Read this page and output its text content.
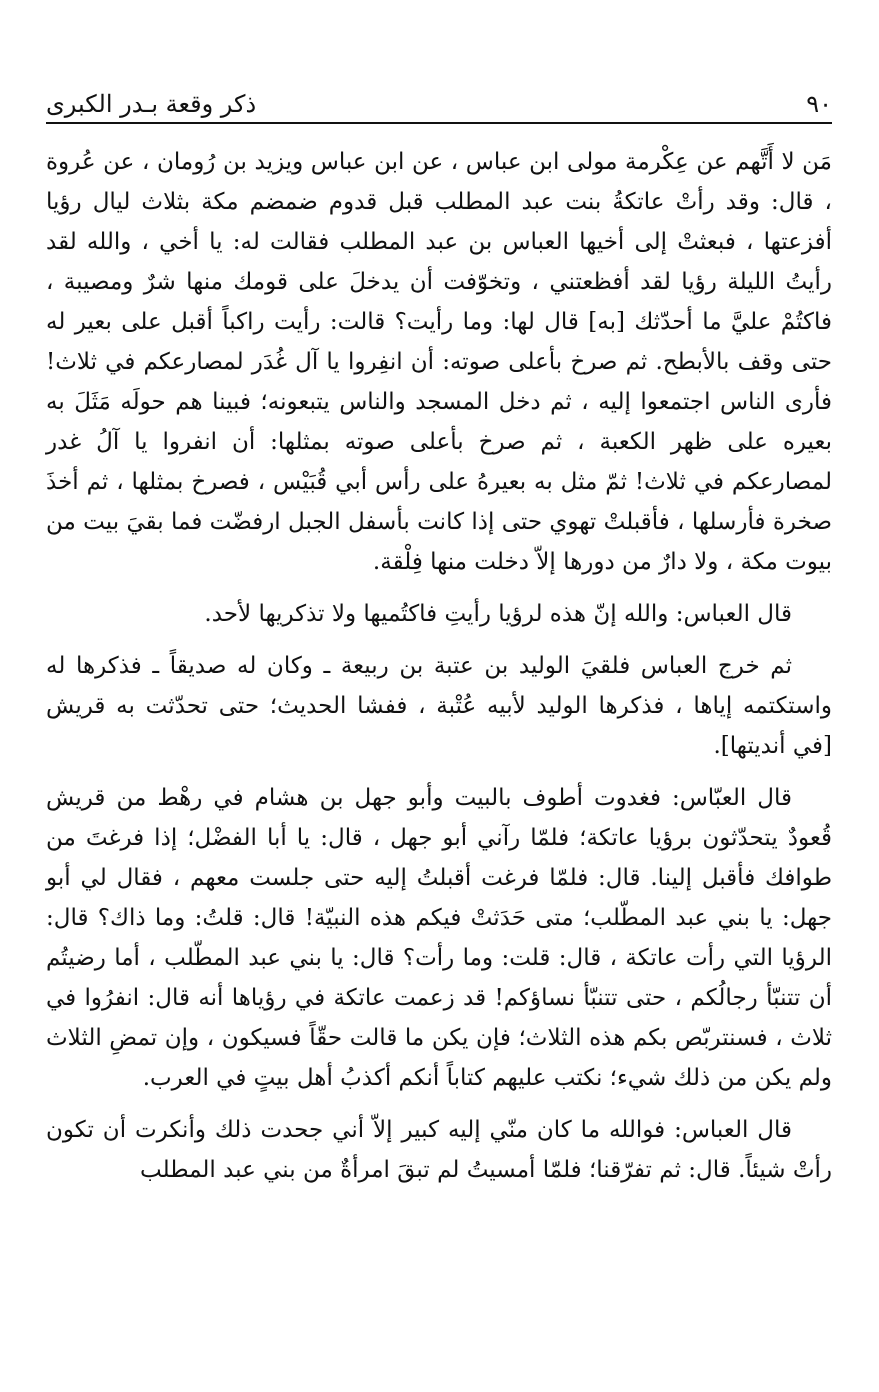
٩٠
ذكر وقعة بـدر الكبرى

مَن لا أَتَّهم عن عِكْرمة مولى ابن عباس ، عن ابن عباس ويزيد بن رُومان ، عن عُروة ، قال: وقد رأتْ عاتكةُ بنت عبد المطلب قبل قدوم ضمضم مكة بثلاث ليال رؤيا أفزعتها ، فبعثتْ إلى أخيها العباس بن عبد المطلب فقالت له: يا أخي ، والله لقد رأيتُ الليلة رؤيا لقد أفظعتني ، وتخوّفت أن يدخلَ على قومك منها شرٌ ومصيبة ، فاكتُمْ عليَّ ما أحدّثك [به] قال لها: وما رأيت؟ قالت: رأيت راكباً أقبل على بعير له حتى وقف بالأبطح. ثم صرخ بأعلى صوته: أن انفِروا يا آل غُدَر لمصارعكم في ثلاث! فأرى الناس اجتمعوا إليه ، ثم دخل المسجد والناس يتبعونه؛ فبينا هم حولَه مَثَلَ به بعيره على ظهر الكعبة ، ثم صرخ بأعلى صوته بمثلها: أن انفروا يا آلُ غدر لمصارعكم في ثلاث! ثمّ مثل به بعيرهُ على رأس أبي قُبَيْس ، فصرخ بمثلها ، ثم أخذَ صخرة فأرسلها ، فأقبلتْ تهوي حتى إذا كانت بأسفل الجبل ارفضّت فما بقيَ بيت من بيوت مكة ، ولا دارٌ من دورها إلاّ دخلت منها فِلْقة.

قال العباس: والله إنّ هذه لرؤيا رأيتِ فاكتُميها ولا تذكريها لأحد.

ثم خرج العباس فلقيَ الوليد بن عتبة بن ربيعة ـ وكان له صديقاً ـ فذكرها له واستكتمه إياها ، فذكرها الوليد لأبيه عُتْبة ، ففشا الحديث؛ حتى تحدّثت به قريش [في أنديتها].

قال العبّاس: فغدوت أطوف بالبيت وأبو جهل بن هشام في رهْط من قريش قُعودٌ يتحدّثون برؤيا عاتكة؛ فلمّا رآني أبو جهل ، قال: يا أبا الفضْل؛ إذا فرغتَ من طوافك فأقبل إلينا. قال: فلمّا فرغت أقبلتُ إليه حتى جلست معهم ، فقال لي أبو جهل: يا بني عبد المطّلب؛ متى حَدَثتْ فيكم هذه النبيّة! قال: قلتُ: وما ذاك؟ قال: الرؤيا التي رأت عاتكة ، قال: قلت: وما رأت؟ قال: يا بني عبد المطّلب ، أما رضيتُم أن تتنبّأ رجالُكم ، حتى تتنبّأ نساؤكم! قد زعمت عاتكة في رؤياها أنه قال: انفرُوا في ثلاث ، فسنتربّص بكم هذه الثلاث؛ فإن يكن ما قالت حقّاً فسيكون ، وإن تمضِ الثلاث ولم يكن من ذلك شيء؛ نكتب عليهم كتاباً أنكم أكذبُ أهل بيتٍ في العرب.

قال العباس: فوالله ما كان منّي إليه كبير إلاّ أني جحدت ذلك وأنكرت أن تكون رأتْ شيئاً. قال: ثم تفرّقنا؛ فلمّا أمسيتُ لم تبقَ امرأةٌ من بني عبد المطلب
